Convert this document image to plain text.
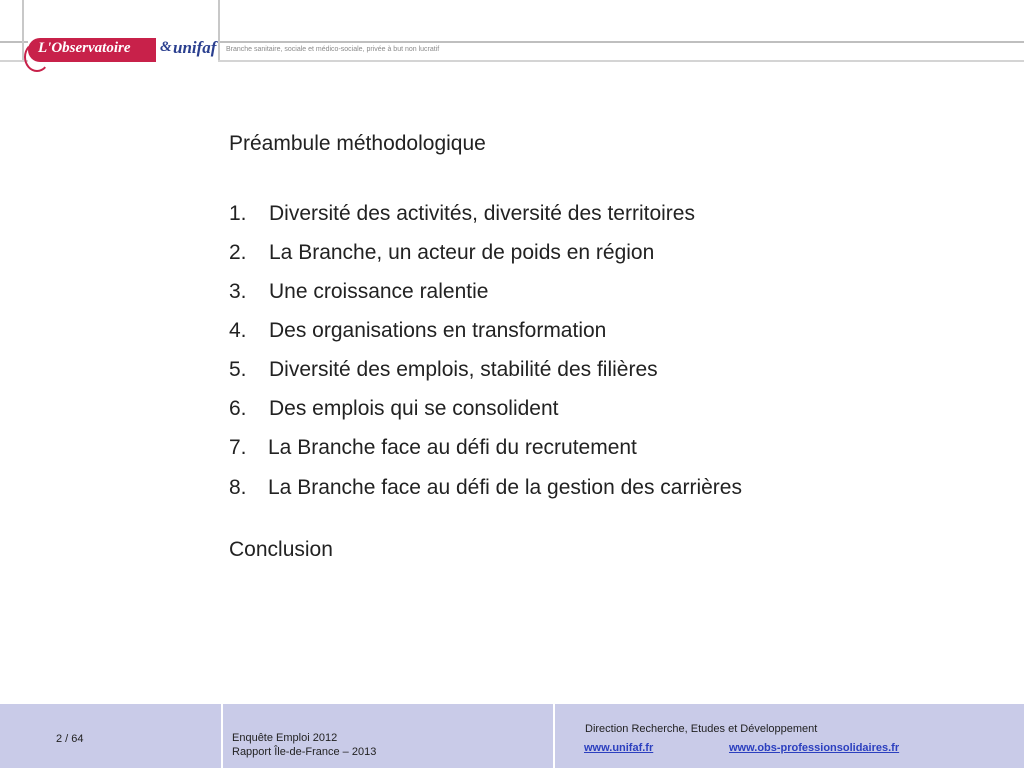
L'Observatoire & unifaf Branche sanitaire, sociale et médico-sociale, privée à but non lucratif
Préambule méthodologique
1. Diversité des activités, diversité des territoires
2. La Branche, un acteur de poids en région
3. Une croissance ralentie
4. Des organisations en transformation
5. Diversité des emplois, stabilité des filières
6. Des emplois qui se consolident
7. La Branche face au défi du recrutement
8. La Branche face au défi de la gestion des carrières
Conclusion
2 / 64	Enquête Emploi 2012
Rapport Île-de-France – 2013
Direction Recherche, Etudes et Développement
www.unifaf.fr	www.obs-professionsolidaires.fr
